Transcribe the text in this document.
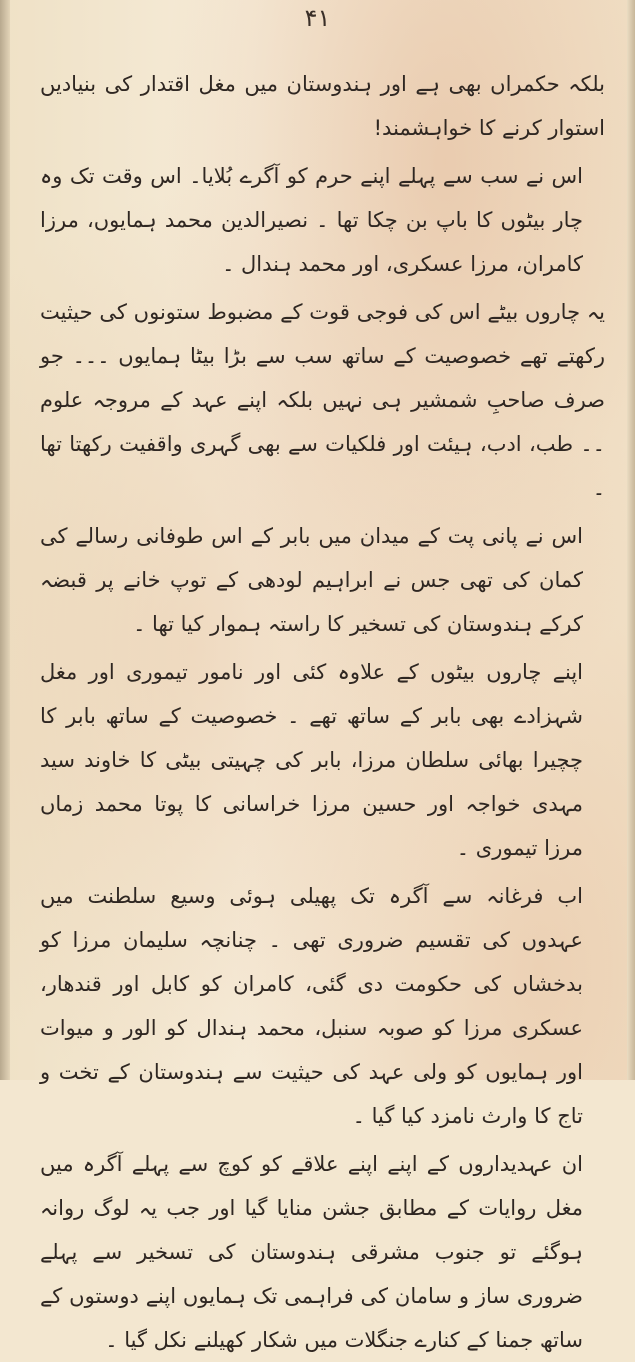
۴۱

بلکہ حکمراں بھی ہے اور ہندوستان میں مغل اقتدار کی بنیادیں استوار کرنے کا خواہشمند!

اس نے سب سے پہلے اپنے حرم کو آگرے بُلایا۔ اس وقت تک وہ چار بیٹوں کا باپ بن چکا تھا ۔ نصیرالدین محمد ہمایوں، مرزا کامران، مرزا عسکری، اور محمد ہندال ۔

یہ چاروں بیٹے اس کی فوجی قوت کے مضبوط ستونوں کی حیثیت رکھتے تھے خصوصیت کے ساتھ سب سے بڑا بیٹا ہمایوں ۔۔۔ جو صرف صاحبِ شمشیر ہی نہیں بلکہ اپنے عہد کے مروجہ علوم ۔۔ طب، ادب، ہیئت اور فلکیات سے بھی گہری واقفیت رکھتا تھا ۔

اس نے پانی پت کے میدان میں بابر کے اس طوفانی رسالے کی کمان کی تھی جس نے ابراہیم لودھی کے توپ خانے پر قبضہ کرکے ہندوستان کی تسخیر کا راستہ ہموار کیا تھا ۔

اپنے چاروں بیٹوں کے علاوہ کئی اور نامور تیموری اور مغل شہزادے بھی بابر کے ساتھ تھے ۔ خصوصیت کے ساتھ بابر کا چچیرا بھائی سلطان مرزا، بابر کی چہیتی بیٹی کا خاوند سید مہدی خواجہ اور حسین مرزا خراسانی کا پوتا محمد زماں مرزا تیموری ۔

اب فرغانہ سے آگرہ تک پھیلی ہوئی وسیع سلطنت میں عہدوں کی تقسیم ضروری تھی ۔ چنانچہ سلیمان مرزا کو بدخشاں کی حکومت دی گئی، کامران کو کابل اور قندھار، عسکری مرزا کو صوبہ سنبل، محمد ہندال کو الور و میوات اور ہمایوں کو ولی عہد کی حیثیت سے ہندوستان کے تخت و تاج کا وارث نامزد کیا گیا ۔

ان عہدیداروں کے اپنے اپنے علاقے کو کوچ سے پہلے آگرہ میں مغل روایات کے مطابق جشن منایا گیا اور جب یہ لوگ روانہ ہوگئے تو جنوب مشرقی ہندوستان کی تسخیر سے پہلے ضروری ساز و سامان کی فراہمی تک ہمایوں اپنے دوستوں کے ساتھ جمنا کے کنارے جنگلات میں شکار کھیلنے نکل گیا ۔
